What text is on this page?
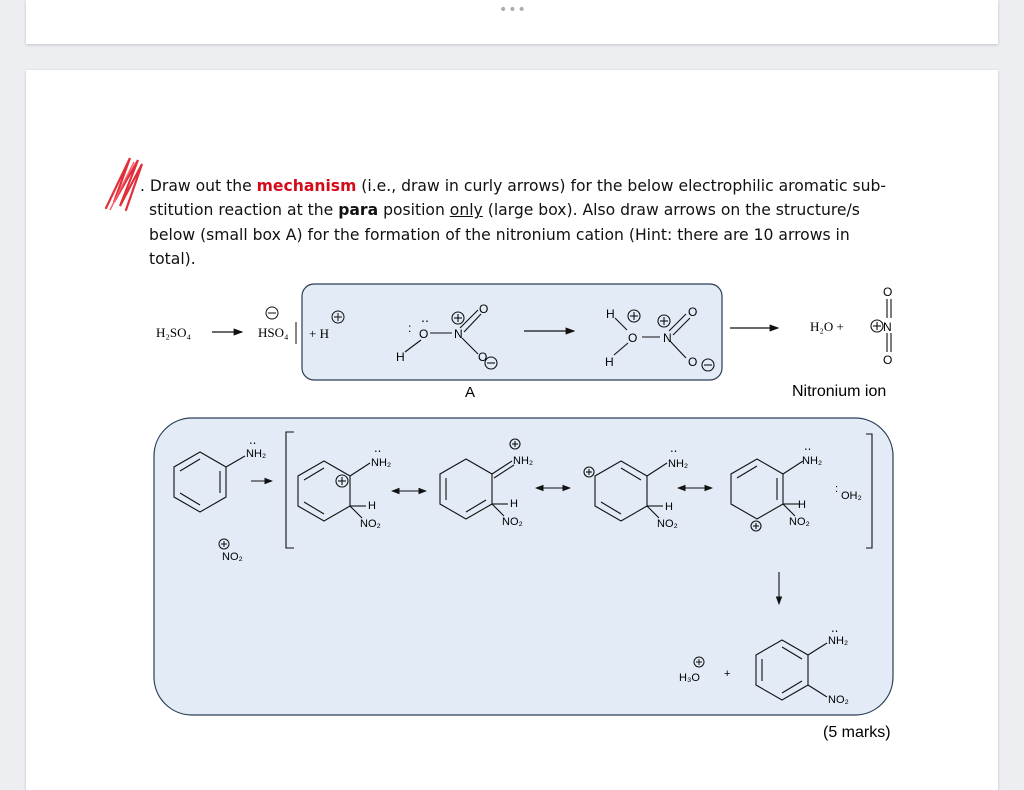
•••
. Draw out the mechanism (i.e., draw in curly arrows) for the below electrophilic aromatic sub-
stitution reaction at the para position only (large box). Also draw arrows on the structure/s
below (small box A) for the formation of the nitronium cation (Hint: there are 10 arrows in
total).
H₂SO₄	HSO₄ + H	O N
O
O
H
:
‥
O N
O
O
H
H
H₂O +
O
N
O
A	Nitronium ion
NH₂
‥
NO₂
NH₂
‥
H
NO₂
NH₂
H
NO₂
NH₂
‥
H
NO₂
NH₂
‥
H
NO₂
:
OH₂
H₃O +
NH₂
‥
NO₂
(5 marks)
